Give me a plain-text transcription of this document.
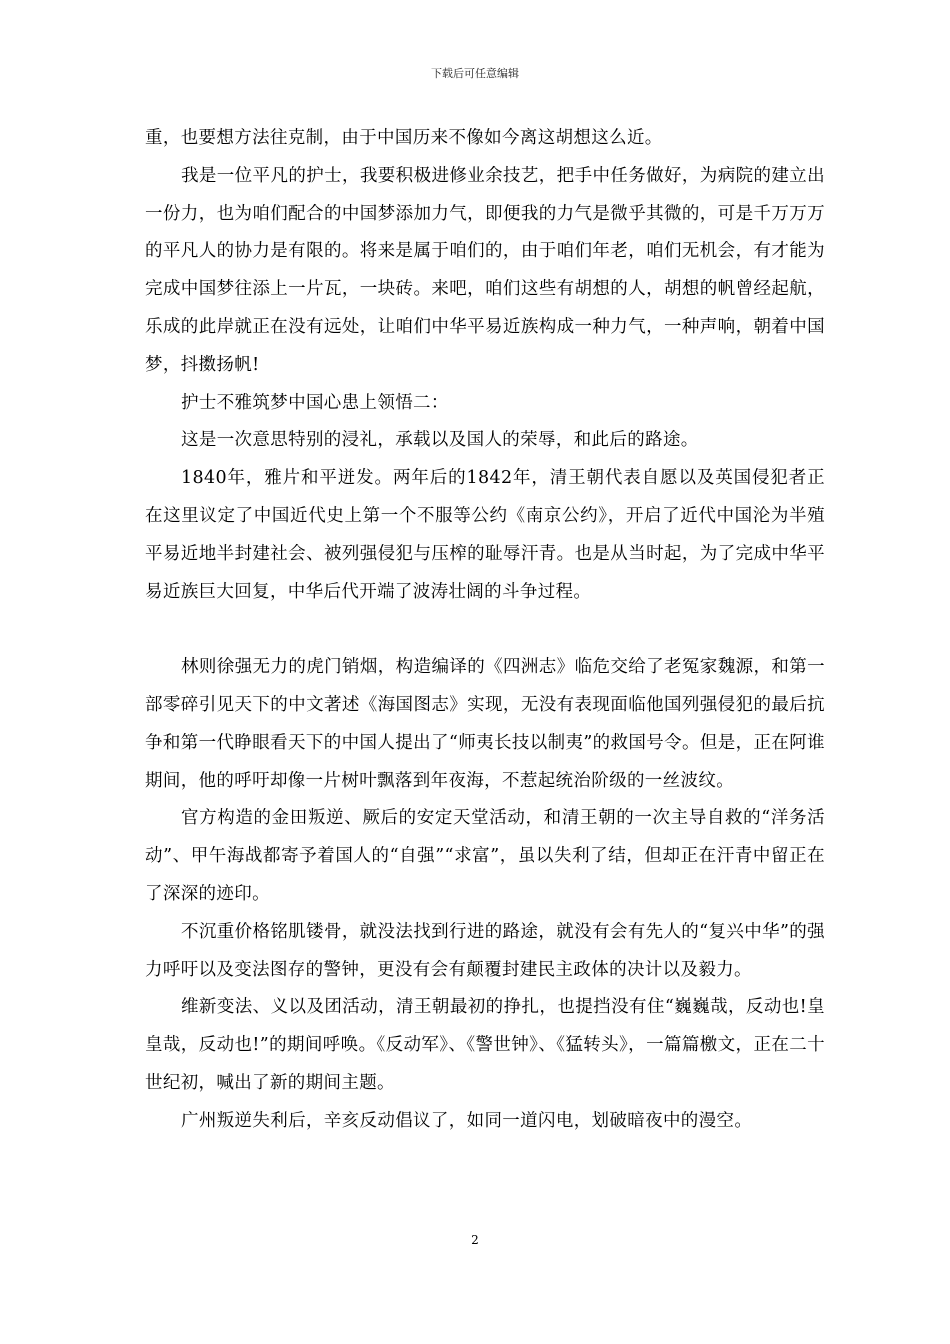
下载后可任意编辑

重，也要想方法往克制，由于中国历来不像如今离这胡想这么近。

我是一位平凡的护士，我要积极进修业余技艺，把手中任务做好，为病院的建立出一份力，也为咱们配合的中国梦添加力气，即便我的力气是微乎其微的，可是千万万万的平凡人的协力是有限的。将来是属于咱们的，由于咱们年老，咱们无机会，有才能为完成中国梦往添上一片瓦，一块砖。来吧，咱们这些有胡想的人，胡想的帆曾经起航，乐成的此岸就正在没有远处，让咱们中华平易近族构成一种力气，一种声响，朝着中国梦，抖擞扬帆!

护士不雅筑梦中国心患上领悟二：

这是一次意思特别的浸礼，承载以及国人的荣辱，和此后的路途。

1840年，雅片和平迸发。两年后的1842年，清王朝代表自愿以及英国侵犯者正在这里议定了中国近代史上第一个不服等公约《南京公约》，开启了近代中国沦为半殖平易近地半封建社会、被列强侵犯与压榨的耻辱汗青。也是从当时起，为了完成中华平易近族巨大回复，中华后代开端了波涛壮阔的斗争过程。

林则徐强无力的虎门销烟，构造编译的《四洲志》临危交给了老冤家魏源，和第一部零碎引见天下的中文著述《海国图志》实现，无没有表现面临他国列强侵犯的最后抗争和第一代睁眼看天下的中国人提出了“师夷长技以制夷”的救国号令。但是，正在阿谁期间，他的呼吁却像一片树叶飘落到年夜海，不惹起统治阶级的一丝波纹。

官方构造的金田叛逆、厥后的安定天堂活动，和清王朝的一次主导自救的“洋务活动”、甲午海战都寄予着国人的“自强”“求富”，虽以失利了结，但却正在汗青中留正在了深深的迹印。

不沉重价格铭肌镂骨，就没法找到行进的路途，就没有会有先人的“复兴中华”的强力呼吁以及变法图存的警钟，更没有会有颠覆封建民主政体的决计以及毅力。

维新变法、义以及团活动，清王朝最初的挣扎，也提挡没有住“巍巍哉，反动也!皇皇哉，反动也!”的期间呼唤。《反动军》、《警世钟》、《猛转头》，一篇篇檄文，正在二十世纪初，喊出了新的期间主题。

广州叛逆失利后，辛亥反动倡议了，如同一道闪电，划破暗夜中的漫空。

2
